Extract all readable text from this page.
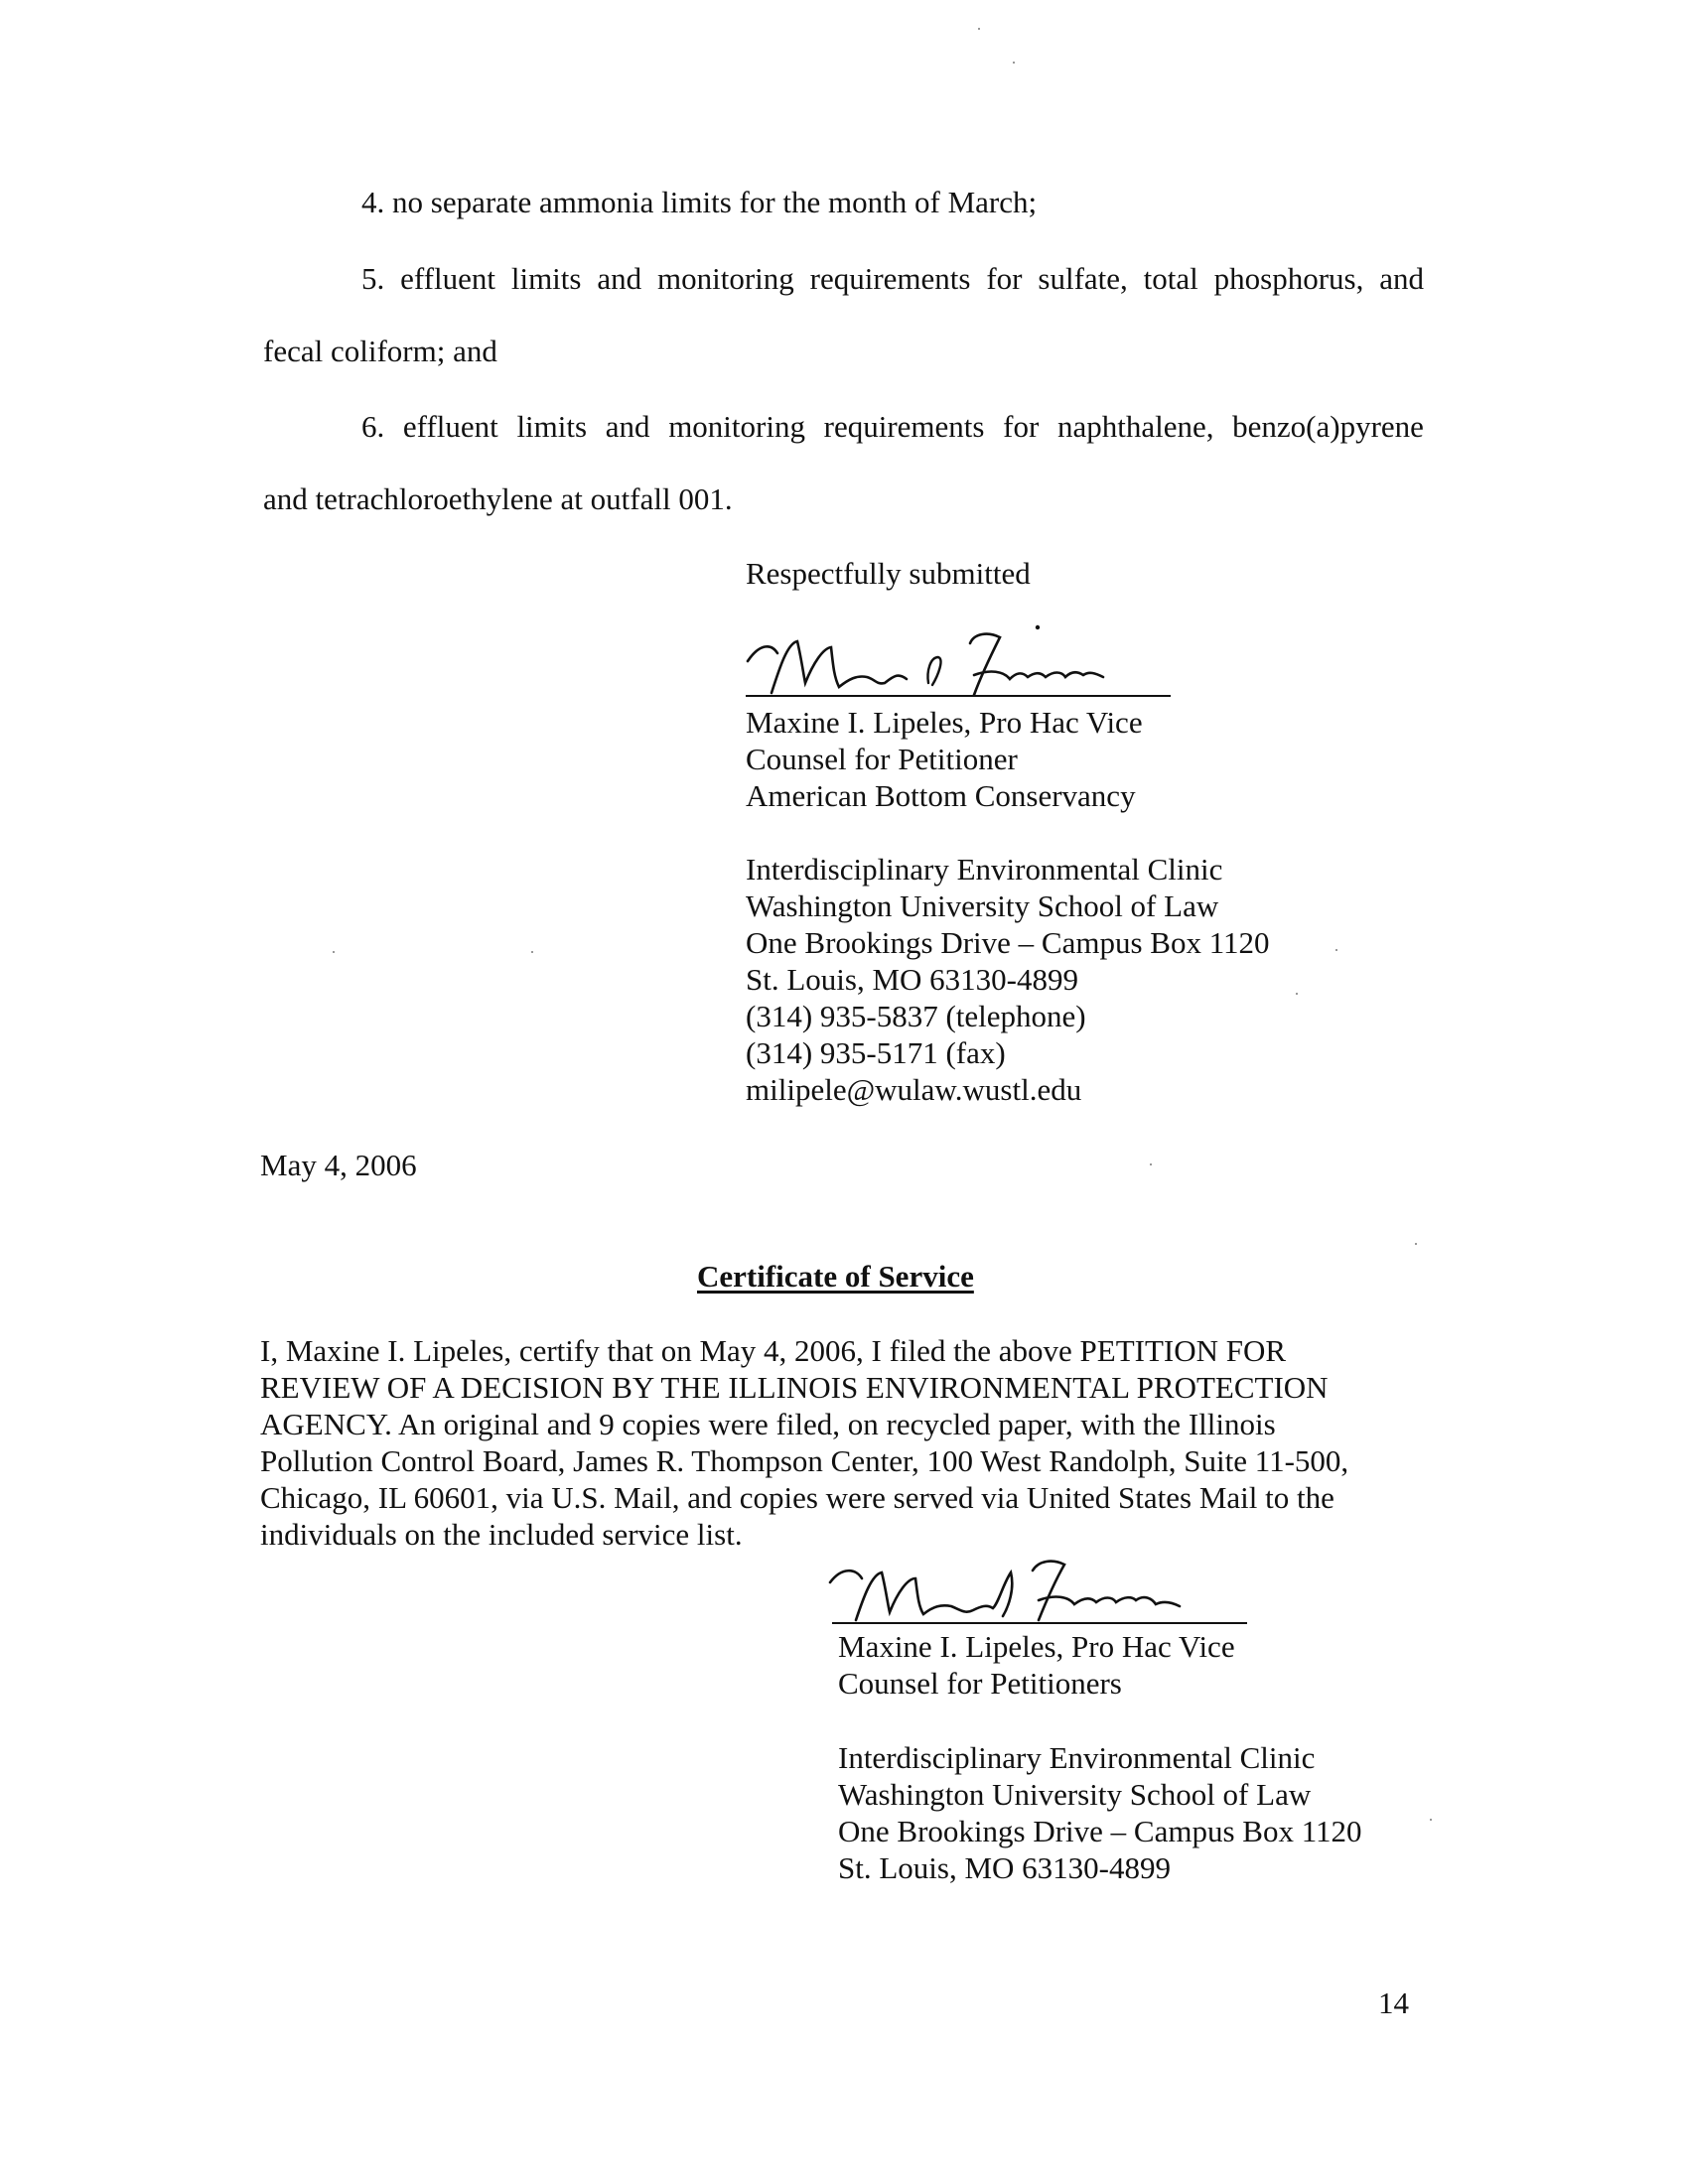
4. no separate ammonia limits for the month of March;
5. effluent limits and monitoring requirements for sulfate, total phosphorus, and
fecal coliform; and
6. effluent limits and monitoring requirements for naphthalene, benzo(a)pyrene
and tetrachloroethylene at outfall 001.
Respectfully submitted
Maxine I. Lipeles, Pro Hac Vice
Counsel for Petitioner
American Bottom Conservancy
Interdisciplinary Environmental Clinic
Washington University School of Law
One Brookings Drive – Campus Box 1120
St. Louis, MO 63130-4899
(314) 935-5837 (telephone)
(314) 935-5171 (fax)
milipele@wulaw.wustl.edu
May 4, 2006
Certificate of Service
I, Maxine I. Lipeles, certify that on May 4, 2006, I filed the above PETITION FOR
REVIEW OF A DECISION BY THE ILLINOIS ENVIRONMENTAL PROTECTION
AGENCY. An original and 9 copies were filed, on recycled paper, with the Illinois
Pollution Control Board, James R. Thompson Center, 100 West Randolph, Suite 11-500,
Chicago, IL 60601, via U.S. Mail, and copies were served via United States Mail to the
individuals on the included service list.
Maxine I. Lipeles, Pro Hac Vice
Counsel for Petitioners
Interdisciplinary Environmental Clinic
Washington University School of Law
One Brookings Drive – Campus Box 1120
St. Louis, MO 63130-4899
14
